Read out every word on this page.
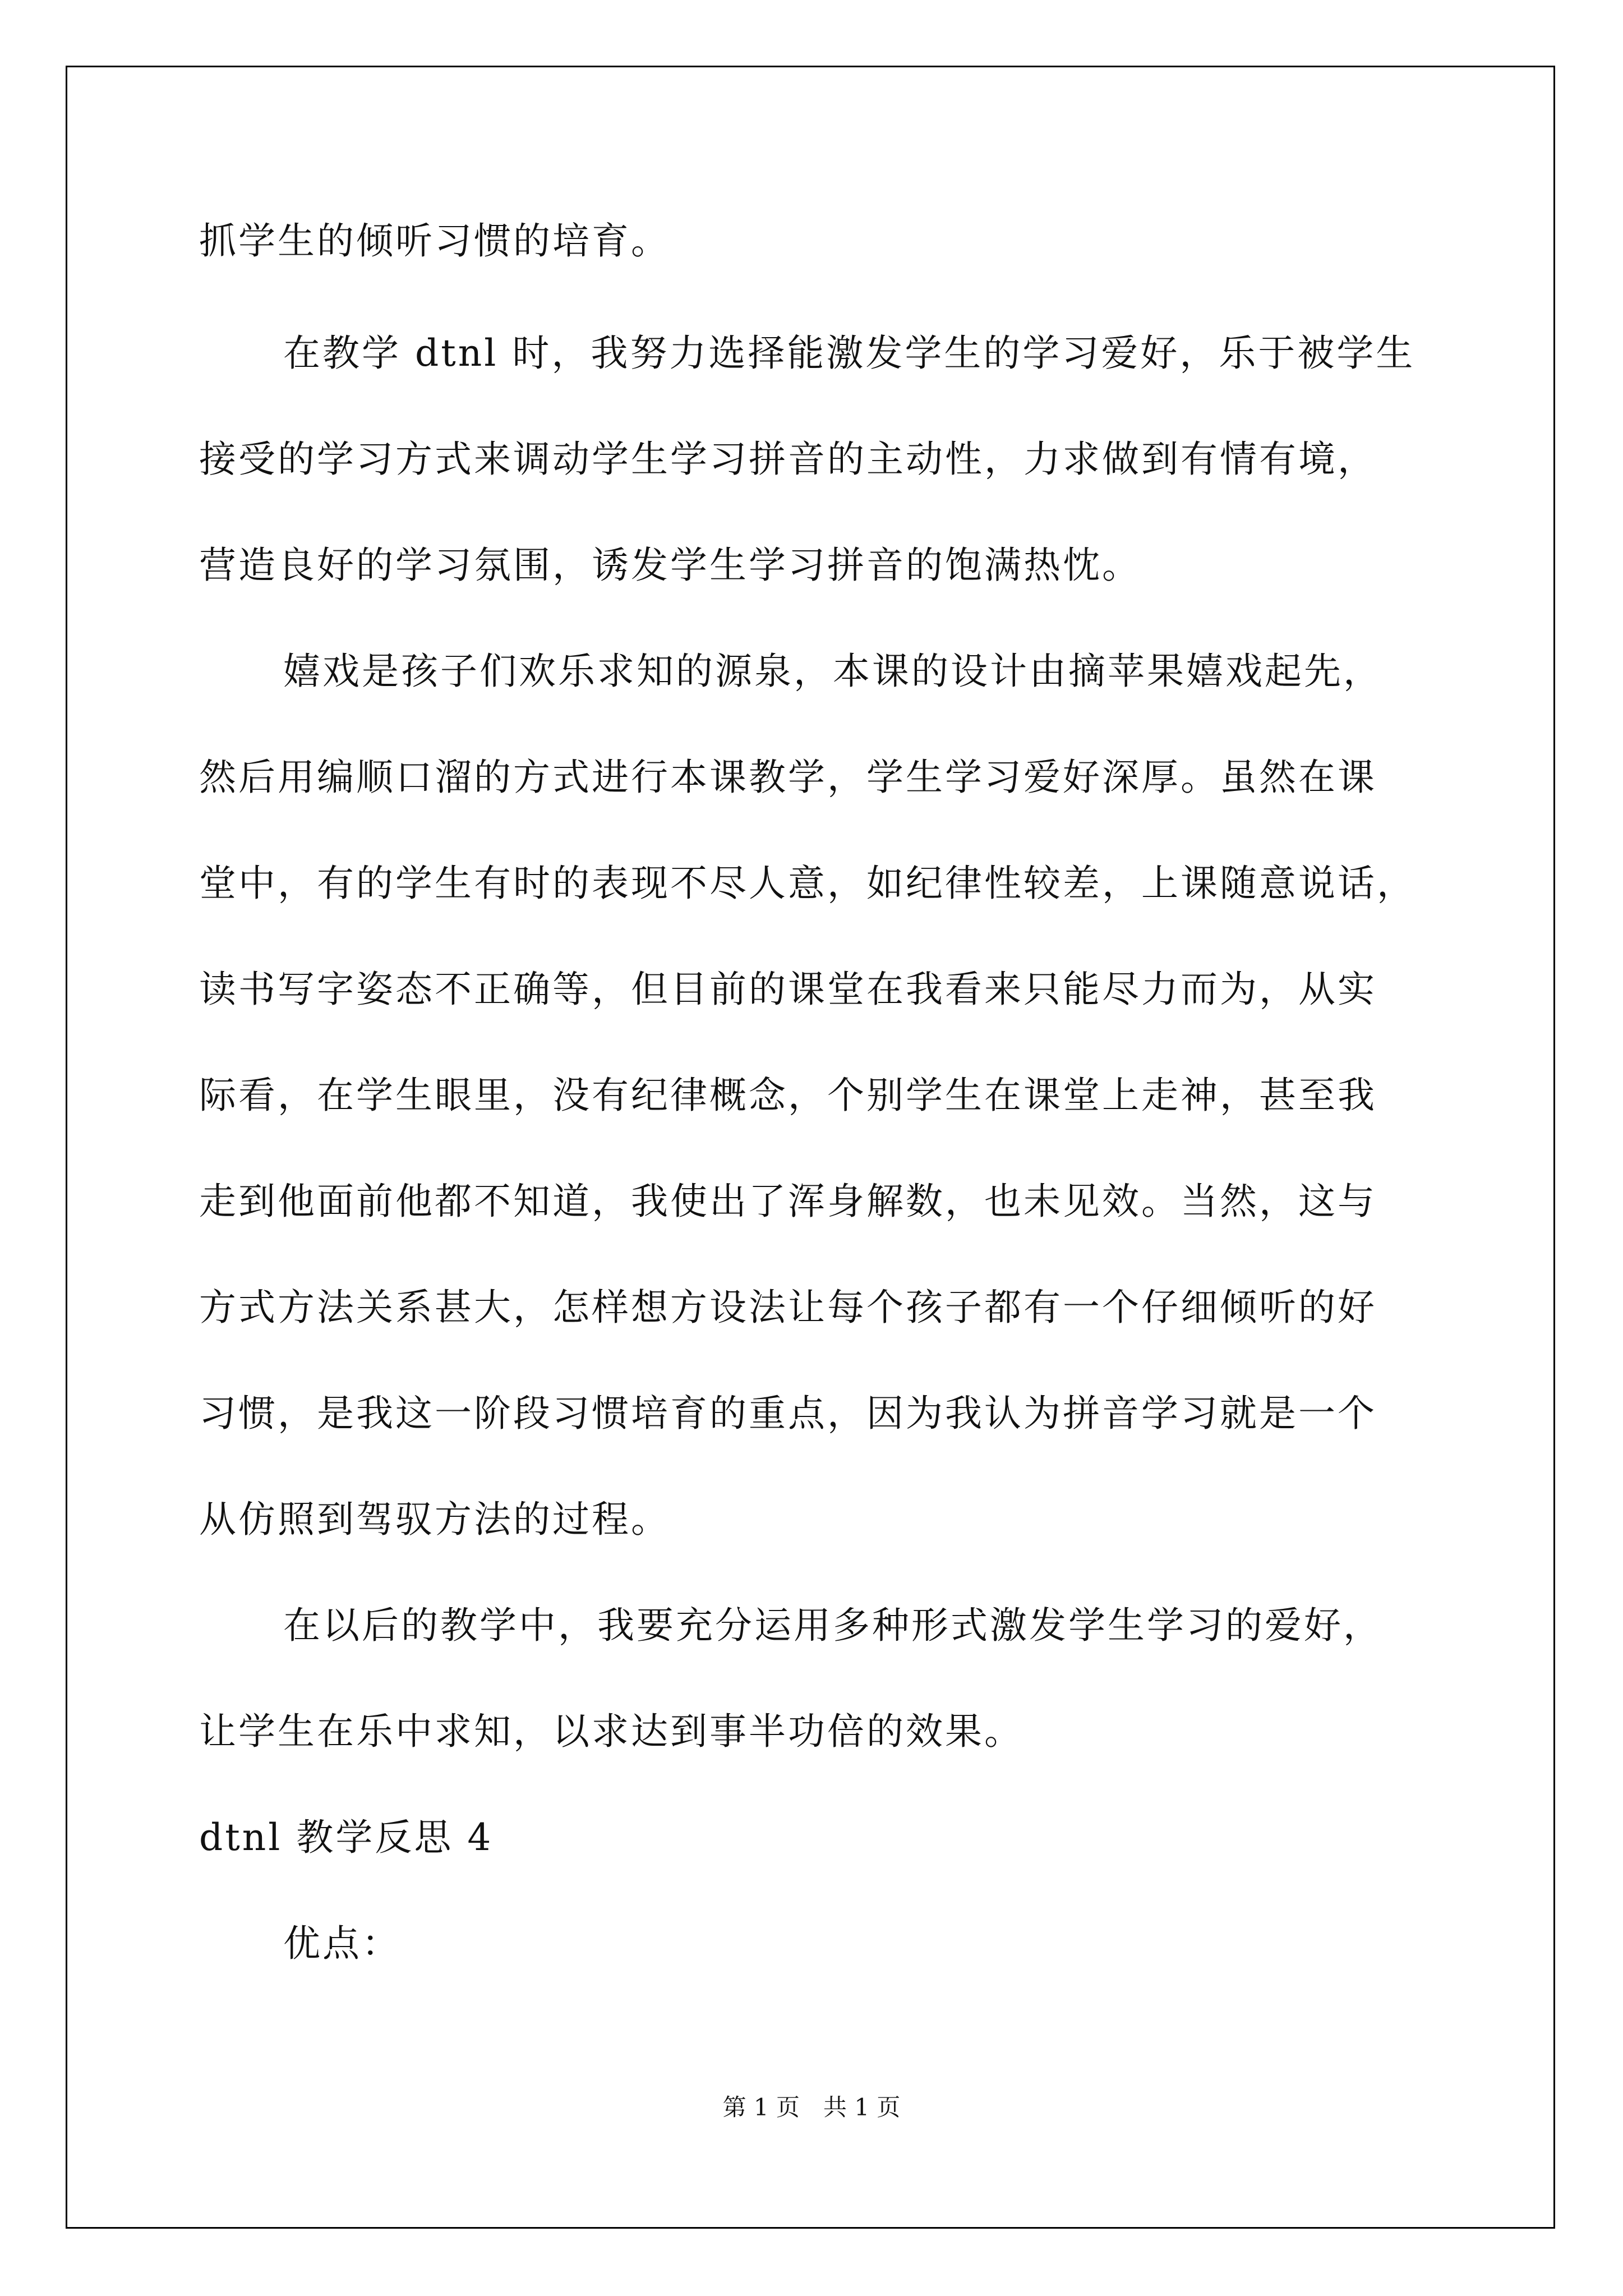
抓学生的倾听习惯的培育。
在教学 dtnl 时，我努力选择能激发学生的学习爱好，乐于被学生
接受的学习方式来调动学生学习拼音的主动性，力求做到有情有境，
营造良好的学习氛围，诱发学生学习拼音的饱满热忱。
嬉戏是孩子们欢乐求知的源泉，本课的设计由摘苹果嬉戏起先，
然后用编顺口溜的方式进行本课教学，学生学习爱好深厚。虽然在课
堂中，有的学生有时的表现不尽人意，如纪律性较差，上课随意说话，
读书写字姿态不正确等，但目前的课堂在我看来只能尽力而为，从实
际看，在学生眼里，没有纪律概念，个别学生在课堂上走神，甚至我
走到他面前他都不知道，我使出了浑身解数，也未见效。当然，这与
方式方法关系甚大，怎样想方设法让每个孩子都有一个仔细倾听的好
习惯，是我这一阶段习惯培育的重点，因为我认为拼音学习就是一个
从仿照到驾驭方法的过程。
在以后的教学中，我要充分运用多种形式激发学生学习的爱好，
让学生在乐中求知，以求达到事半功倍的效果。
dtnl 教学反思 4
优点：
第 1 页　共 1 页
